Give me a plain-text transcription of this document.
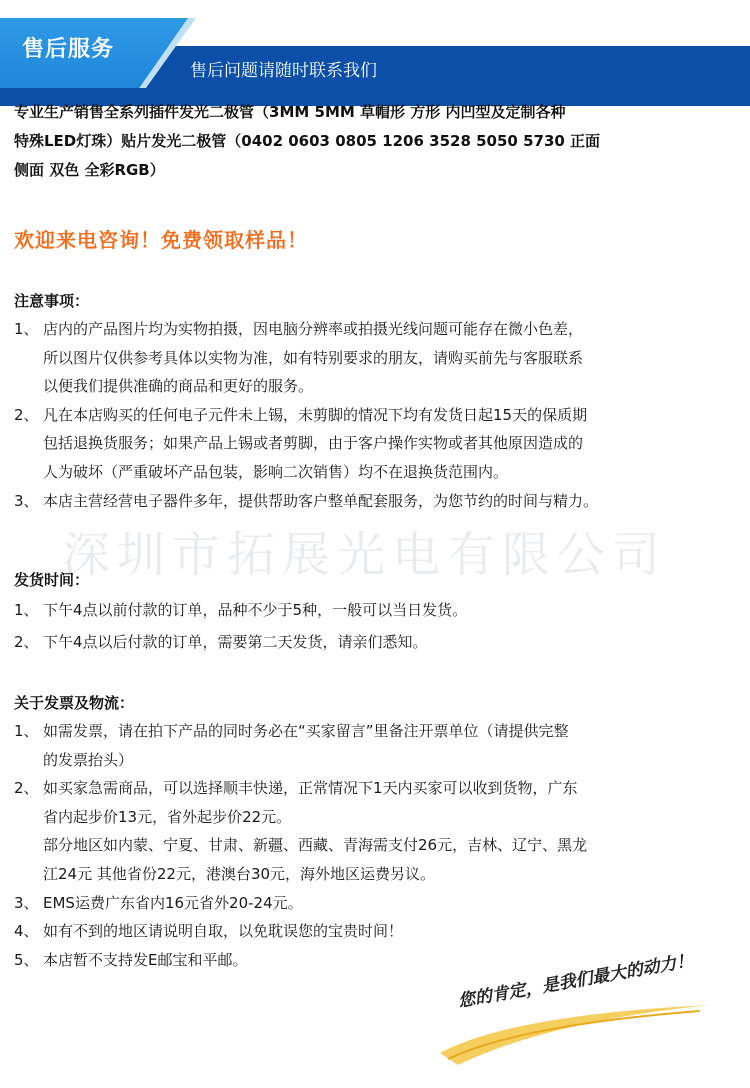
售后服务
售后问题请随时联系我们
专业生产销售全系列插件发光二极管（3MM 5MM 草帽形 方形 内凹型及定制各种
特殊LED灯珠）贴片发光二极管（0402 0603 0805 1206 3528 5050 5730 正面
侧面 双色 全彩RGB）
欢迎来电咨询！免费领取样品！
深圳市拓展光电有限公司
注意事项：
1、 店内的产品图片均为实物拍摄，因电脑分辨率或拍摄光线问题可能存在微小色差，
所以图片仅供参考具体以实物为准，如有特别要求的朋友，请购买前先与客服联系
以便我们提供准确的商品和更好的服务。
2、 凡在本店购买的任何电子元件未上锡，未剪脚的情况下均有发货日起15天的保质期
包括退换货服务；如果产品上锡或者剪脚，由于客户操作实物或者其他原因造成的
人为破坏（严重破坏产品包装，影响二次销售）均不在退换货范围内。
3、 本店主营经营电子器件多年，提供帮助客户整单配套服务，为您节约的时间与精力。
发货时间：
1、 下午4点以前付款的订单，品种不少于5种，一般可以当日发货。
2、 下午4点以后付款的订单，需要第二天发货，请亲们悉知。
关于发票及物流：
1、 如需发票，请在拍下产品的同时务必在“买家留言”里备注开票单位（请提供完整
的发票抬头）
2、 如买家急需商品，可以选择顺丰快递，正常情况下1天内买家可以收到货物，广东
省内起步价13元，省外起步价22元。
部分地区如内蒙、宁夏、甘肃、新疆、西藏、青海需支付26元，吉林、辽宁、黑龙
江24元 其他省份22元，港澳台30元，海外地区运费另议。
3、 EMS运费广东省内16元省外20-24元。
4、 如有不到的地区请说明自取，以免耽误您的宝贵时间！
5、 本店暂不支持发E邮宝和平邮。	您的肯定，是我们最大的动力！
